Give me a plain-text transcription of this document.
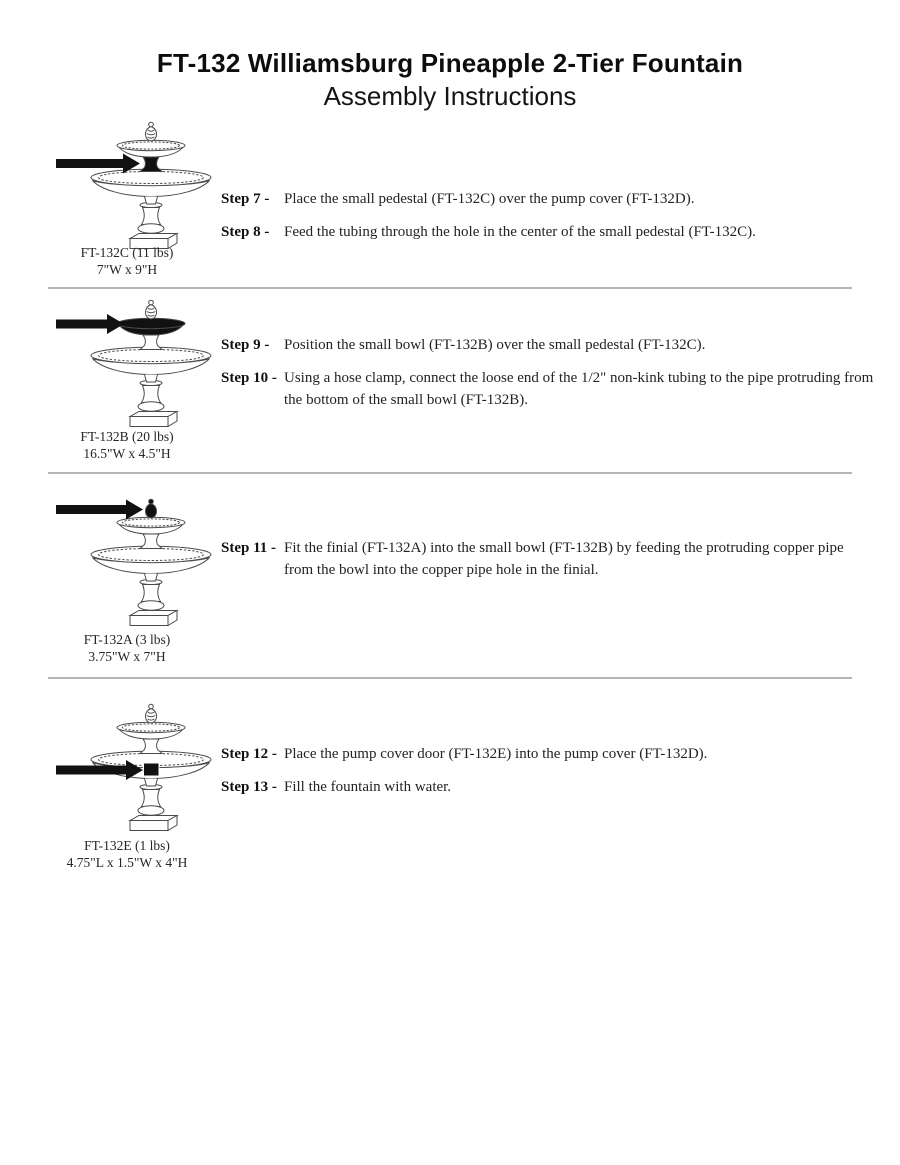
FT-132 Williamsburg Pineapple 2-Tier Fountain
Assembly Instructions
FT-132C (11 lbs)
7"W x 9"H
Step 7 - Place the small pedestal (FT-132C) over the pump cover (FT-132D).
Step 8 - Feed the tubing through the hole in the center of the small pedestal (FT-132C).
FT-132B (20 lbs)
16.5"W x 4.5"H
Step 9 - Position the small bowl (FT-132B) over the small pedestal (FT-132C).
Step 10 - Using a hose clamp, connect the loose end of the 1/2" non-kink tubing to the pipe protruding from the bottom of the small bowl (FT-132B).
FT-132A (3 lbs)
3.75"W x 7"H
Step 11 - Fit the finial (FT-132A) into the small bowl (FT-132B) by feeding the protruding copper pipe from the bowl into the copper pipe hole in the finial.
FT-132E (1 lbs)
4.75"L x 1.5"W x 4"H
Step 12 - Place the pump cover door (FT-132E) into the pump cover (FT-132D).
Step 13 - Fill the fountain with water.
